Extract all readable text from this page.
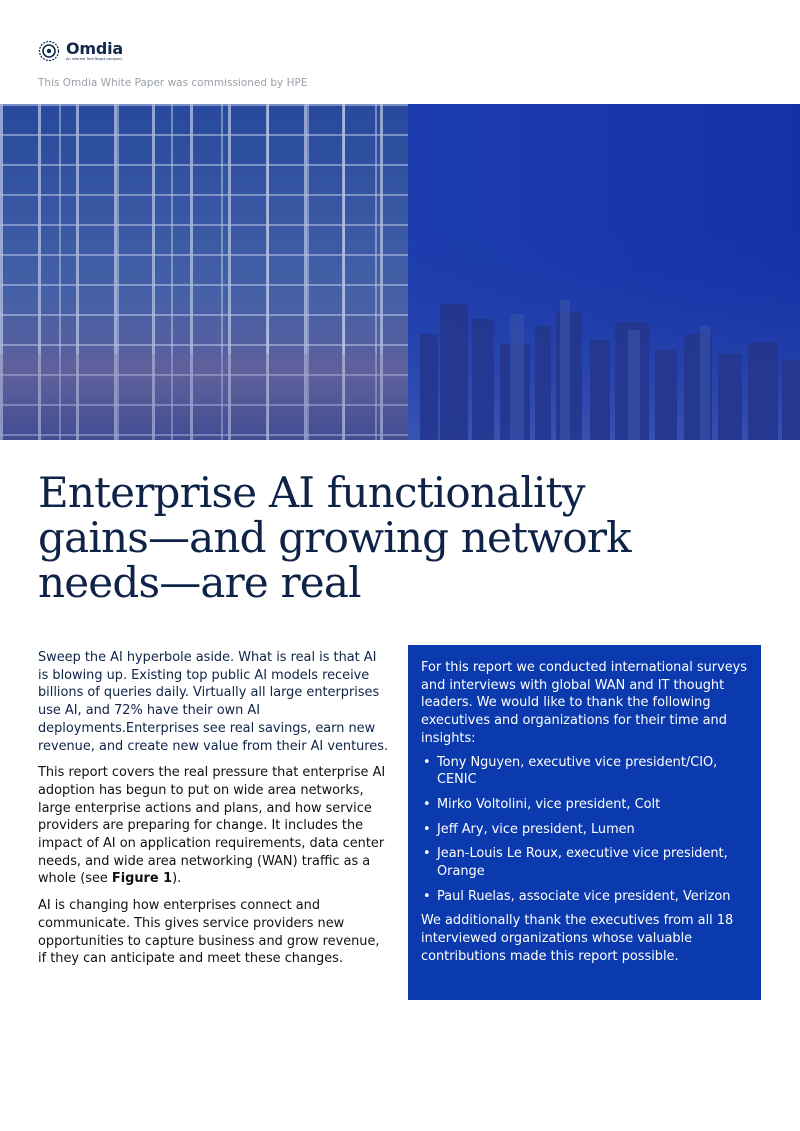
Omdia
An Informa TechTarget company
This Omdia White Paper was commissioned by HPE
Enterprise AI functionality
gains—and growing network
needs—are real

Sweep the AI hyperbole aside. What is real is that AI is blowing up. Existing top public AI models receive billions of queries daily. Virtually all large enterprises use AI, and 72% have their own AI deployments.Enterprises see real savings, earn new revenue, and create new value from their AI ventures.

This report covers the real pressure that enterprise AI adoption has begun to put on wide area networks, large enterprise actions and plans, and how service providers are preparing for change. It includes the impact of AI on application requirements, data center needs, and wide area networking (WAN) traffic as a whole (see Figure 1).

AI is changing how enterprises connect and communicate. This gives service providers new opportunities to capture business and grow revenue, if they can anticipate and meet these changes.

For this report we conducted international surveys and interviews with global WAN and IT thought leaders. We would like to thank the following executives and organizations for their time and insights:

• Tony Nguyen, executive vice president/CIO, CENIC
• Mirko Voltolini, vice president, Colt
• Jeff Ary, vice president, Lumen
• Jean-Louis Le Roux, executive vice president, Orange
• Paul Ruelas, associate vice president, Verizon

We additionally thank the executives from all 18 interviewed organizations whose valuable contributions made this report possible.
